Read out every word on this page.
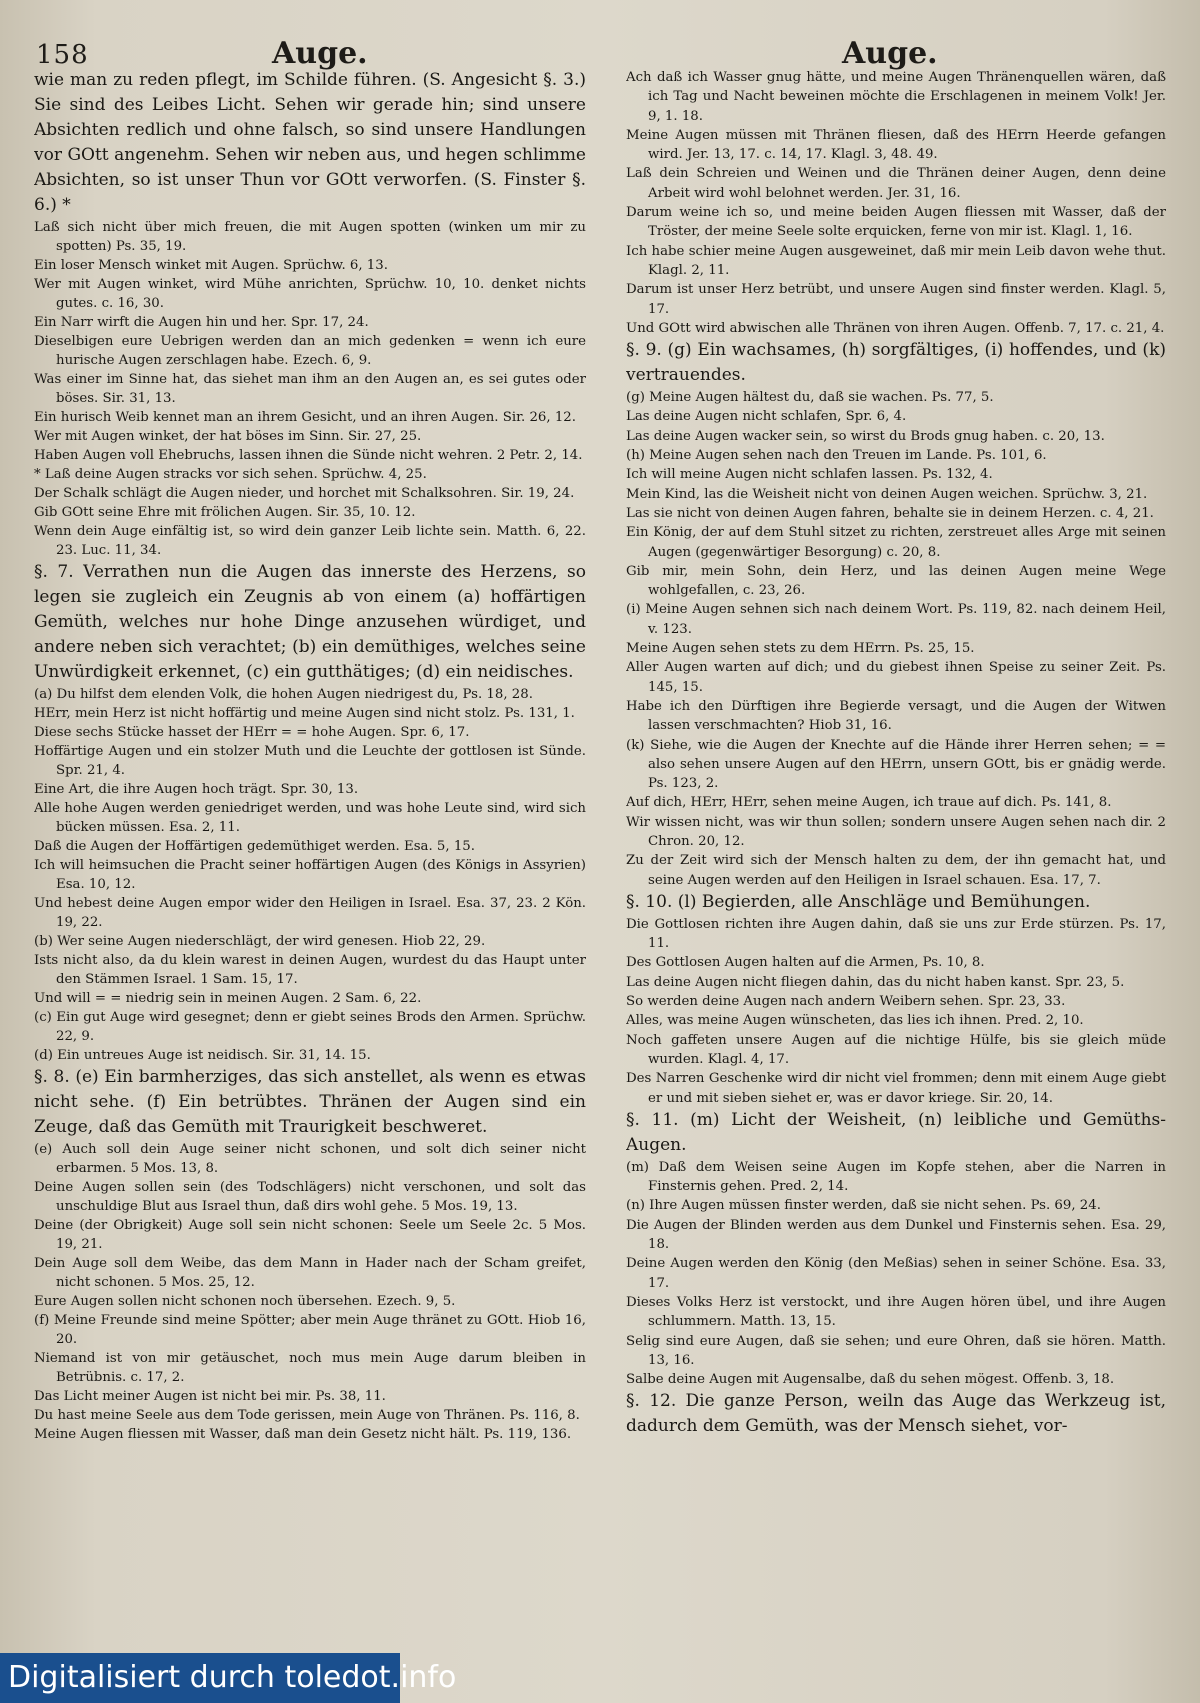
158	Auge.	Auge.

wie man zu reden pflegt, im Schilde führen. (S. Angesicht §. 3.) Sie sind des Leibes Licht. Sehen wir gerade hin; sind unsere Absichten redlich und ohne falsch, so sind unsere Handlungen vor GOtt angenehm. Sehen wir neben aus, und hegen schlimme Absichten, so ist unser Thun vor GOtt verworfen. (S. Finster §. 6.) *

Laß sich nicht über mich freuen, die mit Augen spotten (winken um mir zu spotten) Ps. 35, 19.

Ein loser Mensch winket mit Augen. Sprüchw. 6, 13.

Wer mit Augen winket, wird Mühe anrichten, Sprüchw. 10, 10. denket nichts gutes. c. 16, 30.

Ein Narr wirft die Augen hin und her. Spr. 17, 24.

Dieselbigen eure Uebrigen werden dan an mich gedenken = wenn ich eure hurische Augen zerschlagen habe. Ezech. 6, 9.

Was einer im Sinne hat, das siehet man ihm an den Augen an, es sei gutes oder böses. Sir. 31, 13.

Ein hurisch Weib kennet man an ihrem Gesicht, und an ihren Augen. Sir. 26, 12.

Wer mit Augen winket, der hat böses im Sinn. Sir. 27, 25.

Haben Augen voll Ehebruchs, lassen ihnen die Sünde nicht wehren. 2 Petr. 2, 14.

* Laß deine Augen stracks vor sich sehen. Sprüchw. 4, 25.

Der Schalk schlägt die Augen nieder, und horchet mit Schalksohren. Sir. 19, 24.

Gib GOtt seine Ehre mit frölichen Augen. Sir. 35, 10. 12.

Wenn dein Auge einfältig ist, so wird dein ganzer Leib lichte sein. Matth. 6, 22. 23. Luc. 11, 34.

§. 7. Verrathen nun die Augen das innerste des Herzens, so legen sie zugleich ein Zeugnis ab von einem (a) hoffärtigen Gemüth, welches nur hohe Dinge anzusehen würdiget, und andere neben sich verachtet; (b) ein demüthiges, welches seine Unwürdigkeit erkennet, (c) ein gutthätiges; (d) ein neidisches.

(a) Du hilfst dem elenden Volk, die hohen Augen niedrigest du, Ps. 18, 28.

HErr, mein Herz ist nicht hoffärtig und meine Augen sind nicht stolz. Ps. 131, 1.

Diese sechs Stücke hasset der HErr = = hohe Augen. Spr. 6, 17.

Hoffärtige Augen und ein stolzer Muth und die Leuchte der gottlosen ist Sünde. Spr. 21, 4.

Eine Art, die ihre Augen hoch trägt. Spr. 30, 13.

Alle hohe Augen werden geniedriget werden, und was hohe Leute sind, wird sich bücken müssen. Esa. 2, 11.

Daß die Augen der Hoffärtigen gedemüthiget werden. Esa. 5, 15.

Ich will heimsuchen die Pracht seiner hoffärtigen Augen (des Königs in Assyrien) Esa. 10, 12.

Und hebest deine Augen empor wider den Heiligen in Israel. Esa. 37, 23. 2 Kön. 19, 22.

(b) Wer seine Augen niederschlägt, der wird genesen. Hiob 22, 29.

Ists nicht also, da du klein warest in deinen Augen, wurdest du das Haupt unter den Stämmen Israel. 1 Sam. 15, 17.

Und will = = niedrig sein in meinen Augen. 2 Sam. 6, 22.

(c) Ein gut Auge wird gesegnet; denn er giebt seines Brods den Armen. Sprüchw. 22, 9.

(d) Ein untreues Auge ist neidisch. Sir. 31, 14. 15.

§. 8. (e) Ein barmherziges, das sich anstellet, als wenn es etwas nicht sehe. (f) Ein betrübtes. Thränen der Augen sind ein Zeuge, daß das Gemüth mit Traurigkeit beschweret.

(e) Auch soll dein Auge seiner nicht schonen, und solt dich seiner nicht erbarmen. 5 Mos. 13, 8.

Deine Augen sollen sein (des Todschlägers) nicht verschonen, und solt das unschuldige Blut aus Israel thun, daß dirs wohl gehe. 5 Mos. 19, 13.

Deine (der Obrigkeit) Auge soll sein nicht schonen: Seele um Seele 2c. 5 Mos. 19, 21.

Dein Auge soll dem Weibe, das dem Mann in Hader nach der Scham greifet, nicht schonen. 5 Mos. 25, 12.

Eure Augen sollen nicht schonen noch übersehen. Ezech. 9, 5.

(f) Meine Freunde sind meine Spötter; aber mein Auge thränet zu GOtt. Hiob 16, 20.

Niemand ist von mir getäuschet, noch mus mein Auge darum bleiben in Betrübnis. c. 17, 2.

Das Licht meiner Augen ist nicht bei mir. Ps. 38, 11.

Du hast meine Seele aus dem Tode gerissen, mein Auge von Thränen. Ps. 116, 8.

Meine Augen fliessen mit Wasser, daß man dein Gesetz nicht hält. Ps. 119, 136.

Ach daß ich Wasser gnug hätte, und meine Augen Thränenquellen wären, daß ich Tag und Nacht beweinen möchte die Erschlagenen in meinem Volk! Jer. 9, 1. 18.

Meine Augen müssen mit Thränen fliesen, daß des HErrn Heerde gefangen wird. Jer. 13, 17. c. 14, 17. Klagl. 3, 48. 49.

Laß dein Schreien und Weinen und die Thränen deiner Augen, denn deine Arbeit wird wohl belohnet werden. Jer. 31, 16.

Darum weine ich so, und meine beiden Augen fliessen mit Wasser, daß der Tröster, der meine Seele solte erquicken, ferne von mir ist. Klagl. 1, 16.

Ich habe schier meine Augen ausgeweinet, daß mir mein Leib davon wehe thut. Klagl. 2, 11.

Darum ist unser Herz betrübt, und unsere Augen sind finster werden. Klagl. 5, 17.

Und GOtt wird abwischen alle Thränen von ihren Augen. Offenb. 7, 17. c. 21, 4.

§. 9. (g) Ein wachsames, (h) sorgfältiges, (i) hoffendes, und (k) vertrauendes.

(g) Meine Augen hältest du, daß sie wachen. Ps. 77, 5.

Las deine Augen nicht schlafen, Spr. 6, 4.

Las deine Augen wacker sein, so wirst du Brods gnug haben. c. 20, 13.

(h) Meine Augen sehen nach den Treuen im Lande. Ps. 101, 6.

Ich will meine Augen nicht schlafen lassen. Ps. 132, 4.

Mein Kind, las die Weisheit nicht von deinen Augen weichen. Sprüchw. 3, 21.

Las sie nicht von deinen Augen fahren, behalte sie in deinem Herzen. c. 4, 21.

Ein König, der auf dem Stuhl sitzet zu richten, zerstreuet alles Arge mit seinen Augen (gegenwärtiger Besorgung) c. 20, 8.

Gib mir, mein Sohn, dein Herz, und las deinen Augen meine Wege wohlgefallen, c. 23, 26.

(i) Meine Augen sehnen sich nach deinem Wort. Ps. 119, 82. nach deinem Heil, v. 123.

Meine Augen sehen stets zu dem HErrn. Ps. 25, 15.

Aller Augen warten auf dich; und du giebest ihnen Speise zu seiner Zeit. Ps. 145, 15.

Habe ich den Dürftigen ihre Begierde versagt, und die Augen der Witwen lassen verschmachten? Hiob 31, 16.

(k) Siehe, wie die Augen der Knechte auf die Hände ihrer Herren sehen; = = also sehen unsere Augen auf den HErrn, unsern GOtt, bis er gnädig werde. Ps. 123, 2.

Auf dich, HErr, HErr, sehen meine Augen, ich traue auf dich. Ps. 141, 8.

Wir wissen nicht, was wir thun sollen; sondern unsere Augen sehen nach dir. 2 Chron. 20, 12.

Zu der Zeit wird sich der Mensch halten zu dem, der ihn gemacht hat, und seine Augen werden auf den Heiligen in Israel schauen. Esa. 17, 7.

§. 10. (l) Begierden, alle Anschläge und Bemühungen.

Die Gottlosen richten ihre Augen dahin, daß sie uns zur Erde stürzen. Ps. 17, 11.

Des Gottlosen Augen halten auf die Armen, Ps. 10, 8.

Las deine Augen nicht fliegen dahin, das du nicht haben kanst. Spr. 23, 5.

So werden deine Augen nach andern Weibern sehen. Spr. 23, 33.

Alles, was meine Augen wünscheten, das lies ich ihnen. Pred. 2, 10.

Noch gaffeten unsere Augen auf die nichtige Hülfe, bis sie gleich müde wurden. Klagl. 4, 17.

Des Narren Geschenke wird dir nicht viel frommen; denn mit einem Auge giebt er und mit sieben siehet er, was er davor kriege. Sir. 20, 14.

§. 11. (m) Licht der Weisheit, (n) leibliche und Gemüths-Augen.

(m) Daß dem Weisen seine Augen im Kopfe stehen, aber die Narren in Finsternis gehen. Pred. 2, 14.

(n) Ihre Augen müssen finster werden, daß sie nicht sehen. Ps. 69, 24.

Die Augen der Blinden werden aus dem Dunkel und Finsternis sehen. Esa. 29, 18.

Deine Augen werden den König (den Meßias) sehen in seiner Schöne. Esa. 33, 17.

Dieses Volks Herz ist verstockt, und ihre Augen hören übel, und ihre Augen schlummern. Matth. 13, 15.

Selig sind eure Augen, daß sie sehen; und eure Ohren, daß sie hören. Matth. 13, 16.

Salbe deine Augen mit Augensalbe, daß du sehen mögest. Offenb. 3, 18.

§. 12. Die ganze Person, weiln das Auge das Werkzeug ist, dadurch dem Gemüth, was der Mensch siehet, vor-

Digitalisiert durch toledot.info
